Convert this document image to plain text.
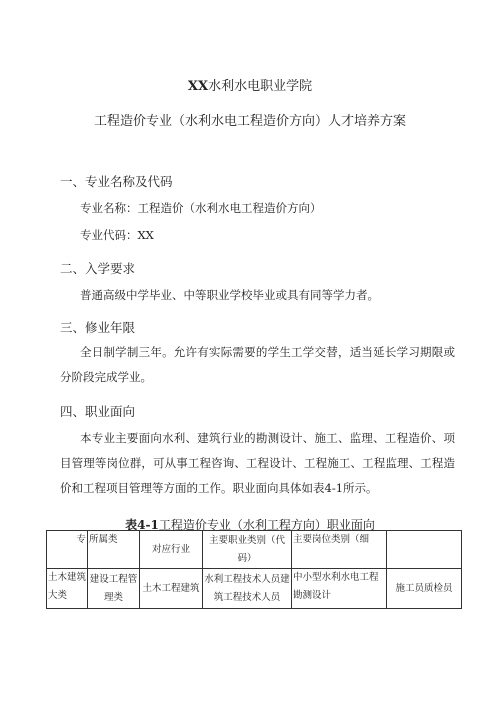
XX水利水电职业学院
工程造价专业（水利水电工程造价方向）人才培养方案
一、专业名称及代码
专业名称：工程造价（水利水电工程造价方向）
专业代码：XX
二、入学要求
普通高级中学毕业、中等职业学校毕业或具有同等学力者。
三、修业年限
全日制学制三年。允许有实际需要的学生工学交替，适当延长学习期限或分阶段完成学业。
四、职业面向
本专业主要面向水利、建筑行业的勘测设计、施工、监理、工程造价、项目管理等岗位群，可从事工程咨询、工程设计、工程施工、工程监理、工程造价和工程项目管理等方面的工作。职业面向具体如表4-1所示。
表4-1工程造价专业（水利工程方向）职业面向
专	所属类	对应行业	主要职业类别（代码）	主要岗位类别（细	
土木建筑大类	建设工程管理类	土木工程建筑	水利工程技术人员建筑工程技术人员	中小型水利水电工程勘测设计	施工员质检员
